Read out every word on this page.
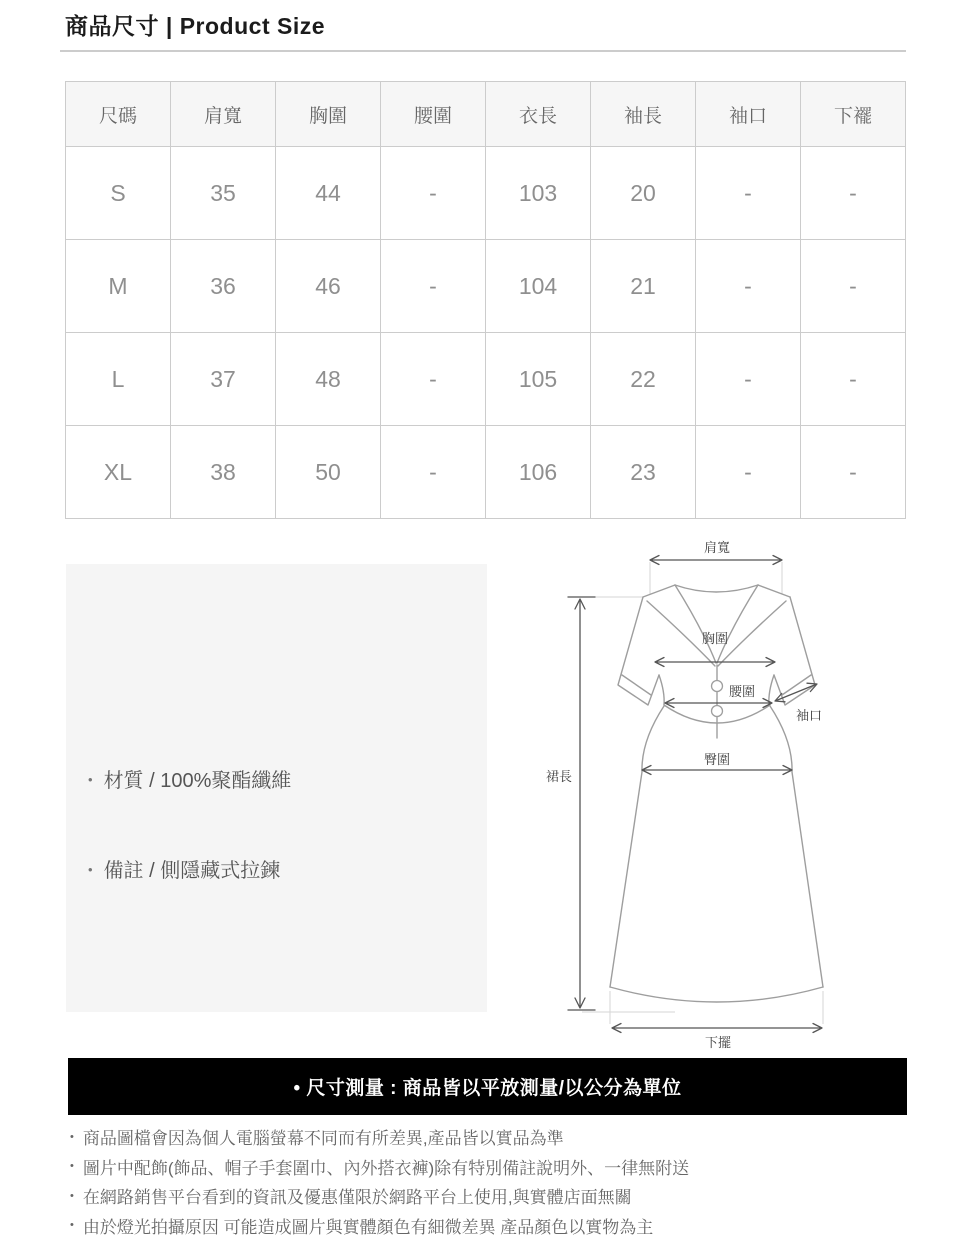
商品尺寸 | Product Size
尺碼	肩寬	胸圍	腰圍	衣長	袖長	袖口	下襬
S	35	44	-	103	20	-	-
M	36	46	-	104	21	-	-
L	37	48	-	105	22	-	-
XL	38	50	-	106	23	-	-
• 材質 / 100%聚酯纖維
• 備註 / 側隱藏式拉鍊
肩寬
胸圍
腰圍
袖口
裙長
臀圍
下擺
• 尺寸測量 : 商品皆以平放測量/以公分為單位
• 商品圖檔會因為個人電腦螢幕不同而有所差異,產品皆以實品為準
• 圖片中配飾(飾品、帽子手套圍巾、內外搭衣褲)除有特別備註說明外、一律無附送
• 在網路銷售平台看到的資訊及優惠僅限於網路平台上使用,與實體店面無關
• 由於燈光拍攝原因 可能造成圖片與實體顏色有細微差異 產品顏色以實物為主
